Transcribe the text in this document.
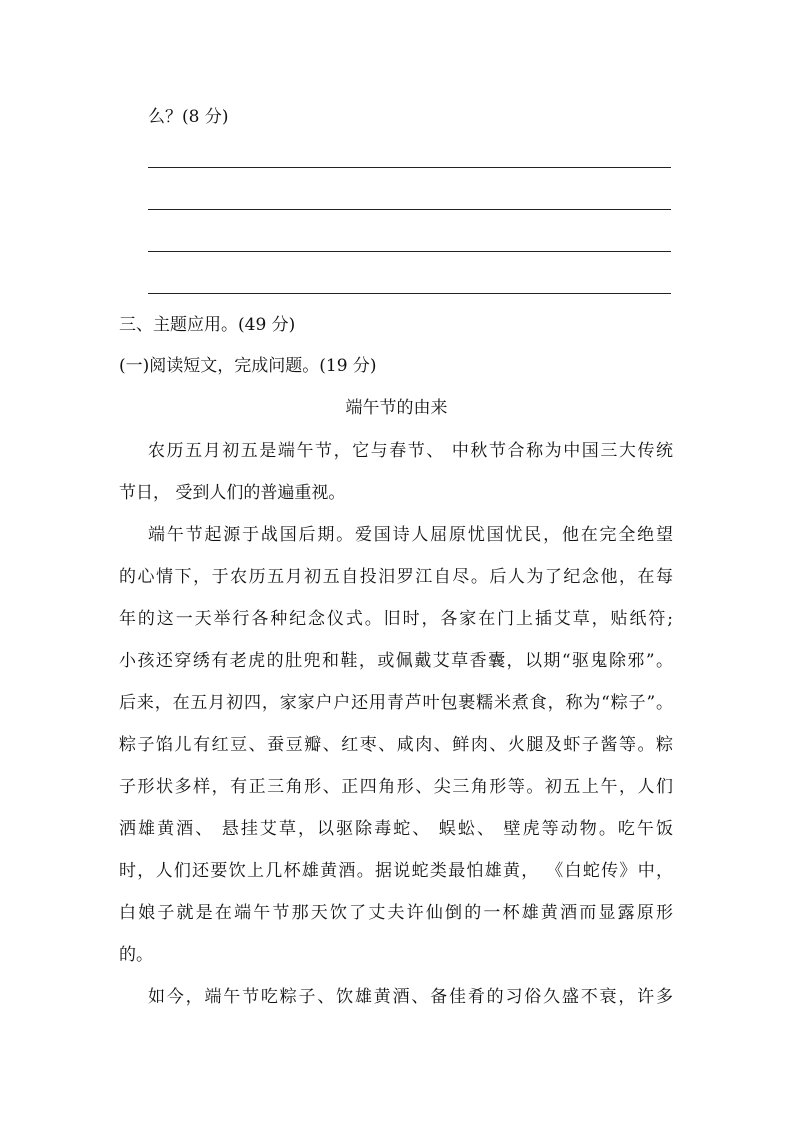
么？(8 分)
三、主题应用。(49 分)
(一)阅读短文，完成问题。(19 分)
端午节的由来
农历五月初五是端午节，它与春节、 中秋节合称为中国三大传统
节日， 受到人们的普遍重视。
端午节起源于战国后期。爱国诗人屈原忧国忧民，他在完全绝望
的心情下，于农历五月初五自投汨罗江自尽。后人为了纪念他，在每
年的这一天举行各种纪念仪式。旧时，各家在门上插艾草，贴纸符;
小孩还穿绣有老虎的肚兜和鞋，或佩戴艾草香囊，以期“驱鬼除邪”。
后来，在五月初四，家家户户还用青芦叶包裹糯米煮食，称为“粽子”。
粽子馅儿有红豆、蚕豆瓣、红枣、咸肉、鲜肉、火腿及虾子酱等。粽
子形状多样，有正三角形、正四角形、尖三角形等。初五上午，人们
洒雄黄酒、 悬挂艾草，以驱除毒蛇、 蜈蚣、 壁虎等动物。吃午饭
时，人们还要饮上几杯雄黄酒。据说蛇类最怕雄黄， 《白蛇传》中，
白娘子就是在端午节那天饮了丈夫许仙倒的一杯雄黄酒而显露原形
的。
如今，端午节吃粽子、饮雄黄酒、备佳肴的习俗久盛不衰，许多
